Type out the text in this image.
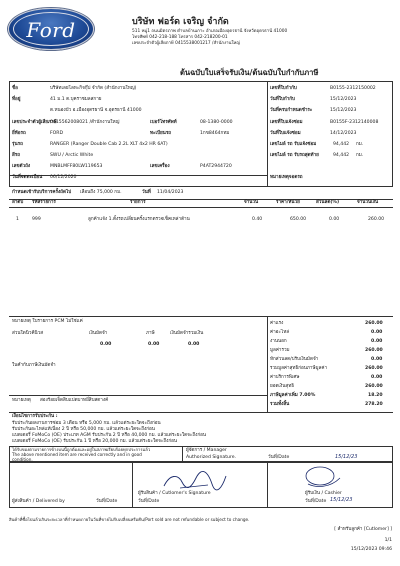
Ford	บริษัท ฟอร์ด เจริญ จำกัด
511 หมู่1 ถนนมิตรภาพ ตำบลบ้านเกาะ อำเภอเมืองอุดรธานี จังหวัดอุดรธานี 41000
โทรศัพท์ 042-218-188 โทรสาร 042-218200-01
เลขประจำตัวผู้เสียภาษี 0415538001217 /สำนักงานใหญ่
ต้นฉบับใบเสร็จรับเงิน/ต้นฉบับใบกำกับภาษี
ชื่อ	บริษัทเลยโลหะกิจกุ๊ป จำกัด (สำนักงานใหญ่)
ที่อยู่	41 ม.1 ต.บุคราชมลสกาย
ต.หนองบัว อ.เมืองอุดรธานี จ.อุดรธานี 41000
เลขประจำตัวผู้เสียภาษี
0415562008021 /สำนักงานใหญ่	เบอร์โทรศัพท์	08-1380-0000
ยี่ห้อรถ	FORD	ทะเบียนรถ	1กข8464กทม
รุ่นรถ	RANGER (Ranger Double Cab 2.2L XLT 4x2 HR 6AT)
สีรถ	SWU / Arctic White
เลขตัวถัง	MNBLMFF80LW119653	เลขเครื่อง	P4AT2944720
วันที่จดทะเบียน 06/12/2020
กำหนดเข้ารับบริการครั้งถัดไป เลือนถึง 75,000 กม.	วันที่ 11/04/2023
เลขที่ใบกำกับ	B0155-2312150002
วันที่ใบกำกับ	15/12/2023
วันที่ครบกำหนดชำระ	15/12/2023
เลขที่ใบแจ้งซ่อม	B0155F-2312140008
วันที่ใบแจ้งซ่อม	14/12/2023
เลขไมล์ รถ รับแจ้งซ่อม	94,442 กม.
เลขไมล์ รถ รับรถสุดท้าย	94,442 กม.
หมายเหตุจอดรถ
ลำดับ รหัสรายการ	รายการ	จำนวน	ราคา/หน่วย	ส่วนลด(%)	จำนวนเงิน
1	999	ลูกค้าแจ้ง 1.ตั้งรถเปลี่ยนครั้งแรกตรวจเช็คเหล่าด้าน	0.40	650.00	0.00	260.00
หมายเหตุ ใบรายการ PCM ไม่ใช่แค่
ส่วนใดนิวคีนิวส	เงินมัดจำ	ภาษี	เงินมัดจำรวมเงิน
0.00	0.00	0.00
ในคำกับภาษีเงินมัดจำ
หมายเหตุ สองร้อยเจ็ดสิบแปดบาทยี่สิบสตางค์
ค่าแรง	260.00
ค่าอะไหล่	0.00
งานนอก	0.00
มูลค่ารวม	260.00
หักส่วนลด/ปรับเงินมัดจำ	0.00
รวมมูลค่าสุทธิก่อนภาษีมูลค่า	260.00
ค่าบริการพิเศษ	0.00
ยอดเงินสุทธิ	260.00
ภาษีมูลค่าเพิ่ม 7.00%	18.20
รวมทั้งสิ้น	278.20
เงื่อนไขการรับประกัน :
รับประกันผลงานการซ่อม 3 เดือน หรือ 5,000 กม. แล้วแต่ระยะใดจะถึงก่อน
รับประกันอะไหล่แท้เนื่อง 2 ปี หรือ 50,000 กม. แล้วแต่ระยะใดจะถึงก่อน
แบตเตอรี่ FoMoCo (OE) ประเภท AGM รับประกัน 2 ปี หรือ 40,000 กม. แล้วแต่ระยะใดจะถึงก่อน
แบตเตอรี่ FoMoCo (OE) รับประกัน 1 ปี หรือ 20,000 กม. แล้วแต่ระยะใดจะถึงก่อน
ได้รับของตามรายการข้างบนนี้ถูกต้องและอยู่ในสภาพเรียบร้อยทุกประการแล้ว
The above mentioned item are received correctly and in good
condition.
ผู้จัดการ / Manager
Authorized Signature.	วันที่/Date	15/12/23
ผู้รับสินค้า / Cutlomer's Signature
วันที่/Date
ผู้ส่งสินค้า / Delivered by	วันที่/Date
ผู้รับเงิน / Cashier
วันที่/Date 15/12/23
สินค้าที่ซื้อไปแล้วเกินระยะเวลาที่กำหนดภายในวันที่ขายไม่รับเปลี่ยนหรือคืน/Port sold are not refundable or subject to change.
[ สำหรับลูกค้า [Cutlomer] ]
1/1
15/12/2023 09:46
